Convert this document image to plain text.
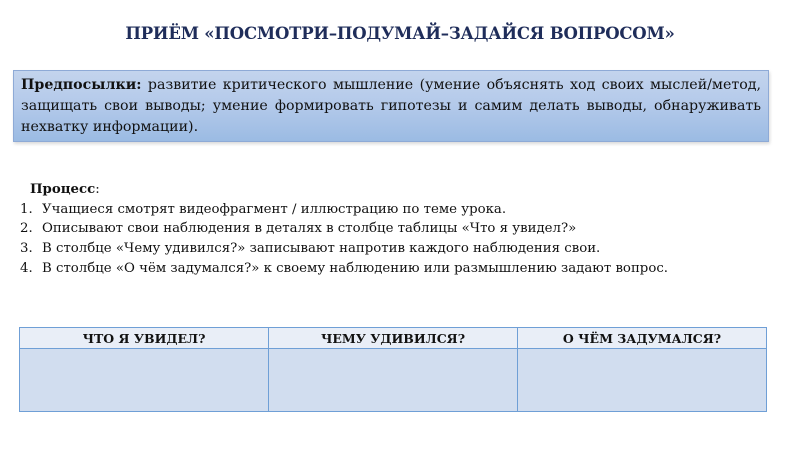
ПРИЁМ «ПОСМОТРИ–ПОДУМАЙ–ЗАДАЙСЯ ВОПРОСОМ»
Предпосылки: развитие критического мышление (умение объяснять ход своих мыслей/метод, защищать свои выводы; умение формировать гипотезы и самим делать выводы, обнаруживать нехватку информации).
Процесс:
1. Учащиеся смотрят видеофрагмент / иллюстрацию по теме урока.
2. Описывают свои наблюдения в деталях в столбце таблицы «Что я увидел?»
3. В столбце «Чему удивился?» записывают напротив каждого наблюдения свои.
4. В столбце «О чём задумался?» к своему наблюдению или размышлению задают вопрос.
ЧТО Я УВИДЕЛ?	ЧЕМУ УДИВИЛСЯ?	О ЧЁМ ЗАДУМАЛСЯ?
